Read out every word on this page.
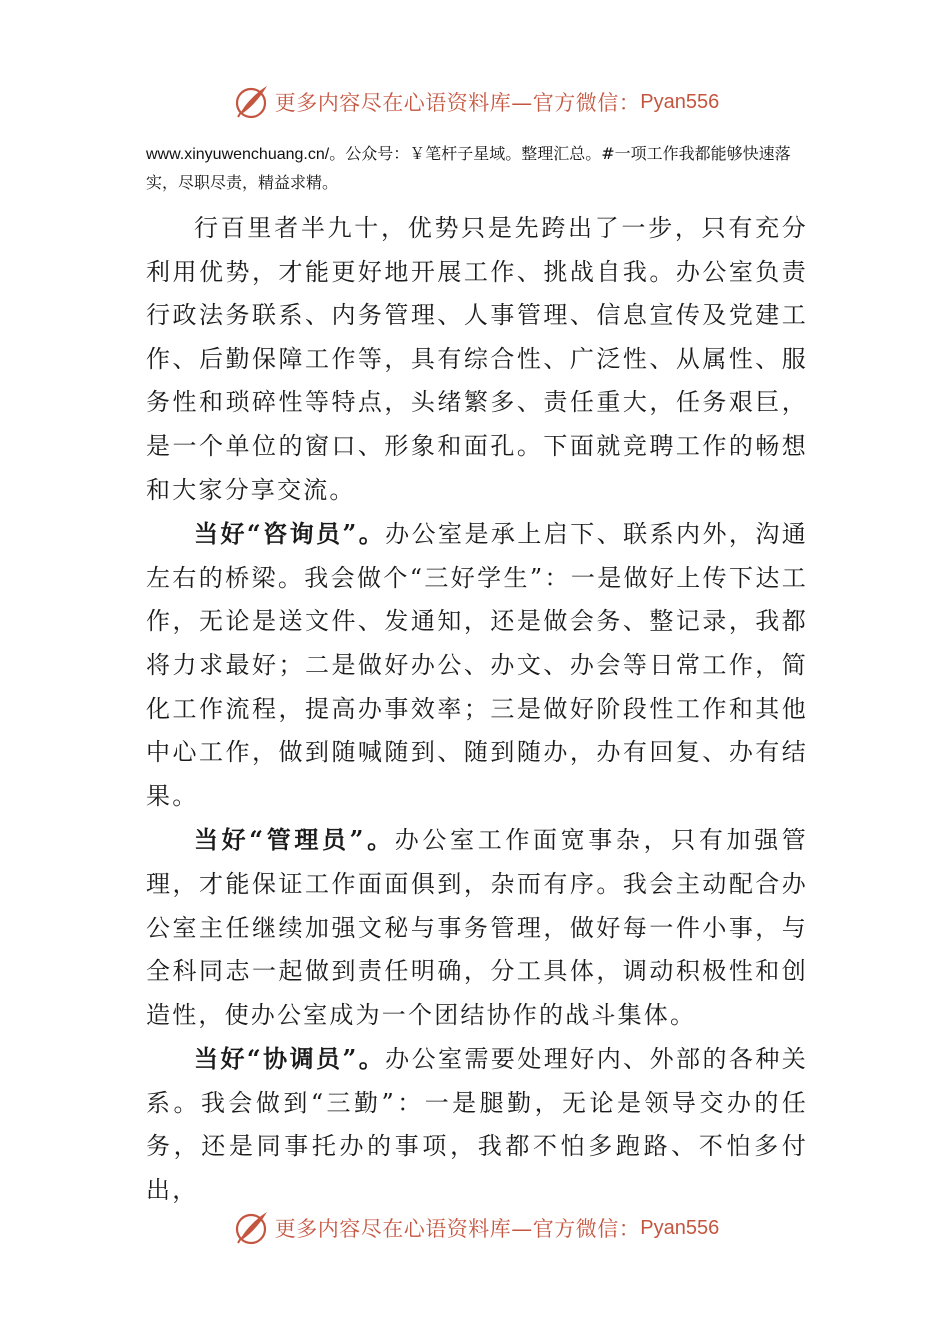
更多内容尽在心语资料库—官方微信： Pyan556
www.xinyuwenchuang.cn/。公众号：￥笔杆子星域。整理汇总。#一项工作我都能够快速落实，尽职尽责，精益求精。

行百里者半九十，优势只是先跨出了一步，只有充分利用优势，才能更好地开展工作、挑战自我。办公室负责行政法务联系、内务管理、人事管理、信息宣传及党建工作、后勤保障工作等，具有综合性、广泛性、从属性、服务性和琐碎性等特点，头绪繁多、责任重大，任务艰巨，是一个单位的窗口、形象和面孔。下面就竞聘工作的畅想和大家分享交流。

当好“咨询员”。办公室是承上启下、联系内外，沟通左右的桥梁。我会做个“三好学生”：一是做好上传下达工作，无论是送文件、发通知，还是做会务、整记录，我都将力求最好；二是做好办公、办文、办会等日常工作，简化工作流程，提高办事效率；三是做好阶段性工作和其他中心工作，做到随喊随到、随到随办，办有回复、办有结果。

当好“管理员”。办公室工作面宽事杂，只有加强管理，才能保证工作面面俱到，杂而有序。我会主动配合办公室主任继续加强文秘与事务管理，做好每一件小事，与全科同志一起做到责任明确，分工具体，调动积极性和创造性，使办公室成为一个团结协作的战斗集体。

当好“协调员”。办公室需要处理好内、外部的各种关系。我会做到“三勤”：一是腿勤，无论是领导交办的任务，还是同事托办的事项，我都不怕多跑路、不怕多付出，

更多内容尽在心语资料库—官方微信： Pyan556
